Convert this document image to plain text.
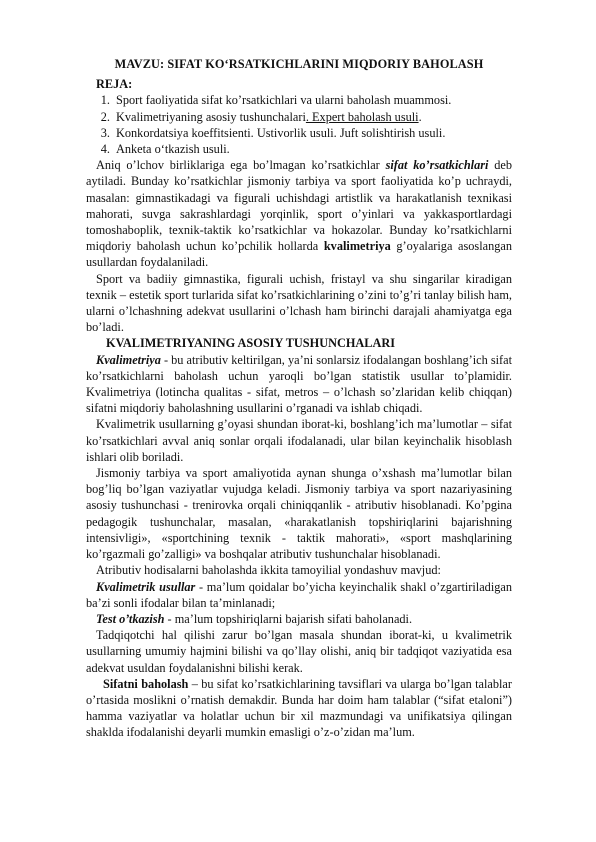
MAVZU: SIFAT KO‘RSATKICHLARINI MIQDORIY BAHOLASH
REJA:
1. Sport faoliyatida sifat ko’rsatkichlari va ularni baholash muammosi.
2. Kvalimetriyaning asosiy tushunchalari. Expert baholash usuli.
3. Konkordatsiya koeffitsienti. Ustivorlik usuli. Juft solishtirish usuli.
4. Anketa o‘tkazish usuli.

Aniq o’lchov birliklariga ega bo’lmagan ko’rsatkichlar sifat ko’rsatkichlari deb aytiladi. Bunday ko’rsatkichlar jismoniy tarbiya va sport faoliyatida ko’p uchraydi, masalan: gimnastikadagi va figurali uchishdagi artistlik va harakatlanish texnikasi mahorati, suvga sakrashlardagi yorqinlik, sport o’yinlari va yakkasportlardagi tomoshaboplik, texnik-taktik ko’rsatkichlar va hokazolar. Bunday ko’rsatkichlarni miqdoriy baholash uchun ko’pchilik hollarda kvalimetriya g’oyalariga asoslangan usullardan foydalaniladi.

Sport va badiiy gimnastika, figurali uchish, fristayl va shu singarilar kiradigan texnik – estetik sport turlarida sifat ko’rsatkichlarining o’zini to’g’ri tanlay bilish ham, ularni o’lchashning adekvat usullarini o’lchash ham birinchi darajali ahamiyatga ega bo’ladi.

KVALIMETRIYANING ASOSIY TUSHUNCHALARI

Kvalimetriya - bu atributiv keltirilgan, ya’ni sonlarsiz ifodalangan boshlang’ich sifat ko’rsatkichlarni baholash uchun yaroqli bo’lgan statistik usullar to’plamidir. Kvalimetriya (lotincha qualitas - sifat, metros – o’lchash so’zlaridan kelib chiqqan) sifatni miqdoriy baholashning usullarini o’rganadi va ishlab chiqadi.

Kvalimetrik usullarning g’oyasi shundan iborat-ki, boshlang’ich ma’lumotlar – sifat ko’rsatkichlari avval aniq sonlar orqali ifodalanadi, ular bilan keyinchalik hisoblash ishlari olib boriladi.

Jismoniy tarbiya va sport amaliyotida aynan shunga o’xshash ma’lumotlar bilan bog’liq bo’lgan vaziyatlar vujudga keladi. Jismoniy tarbiya va sport nazariyasining asosiy tushunchasi - trenirovka orqali chiniqqanlik - atributiv hisoblanadi. Ko’pgina pedagogik tushunchalar, masalan, «harakatlanish topshiriqlarini bajarishning intensivligi», «sportchining texnik - taktik mahorati», «sport mashqlarining ko’rgazmali go’zalligi» va boshqalar atributiv tushunchalar hisoblanadi.

Atributiv hodisalarni baholashda ikkita tamoyilial yondashuv mavjud:

Kvalimetrik usullar - ma’lum qoidalar bo’yicha keyinchalik shakl o’zgartiriladigan ba’zi sonli ifodalar bilan ta’minlanadi;

Test o’tkazish - ma’lum topshiriqlarni bajarish sifati baholanadi.

Tadqiqotchi hal qilishi zarur bo’lgan masala shundan iborat-ki, u kvalimetrik usullarning umumiy hajmini bilishi va qo’llay olishi, aniq bir tadqiqot vaziyatida esa adekvat usuldan foydalanishni bilishi kerak.

Sifatni baholash – bu sifat ko’rsatkichlarining tavsiflari va ularga bo’lgan talablar o’rtasida moslikni o’rnatish demakdir. Bunda har doim ham talablar (“sifat etaloni”) hamma vaziyatlar va holatlar uchun bir xil mazmundagi va unifikatsiya qilingan shaklda ifodalanishi deyarli mumkin emasligi o’z-o’zidan ma’lum.
